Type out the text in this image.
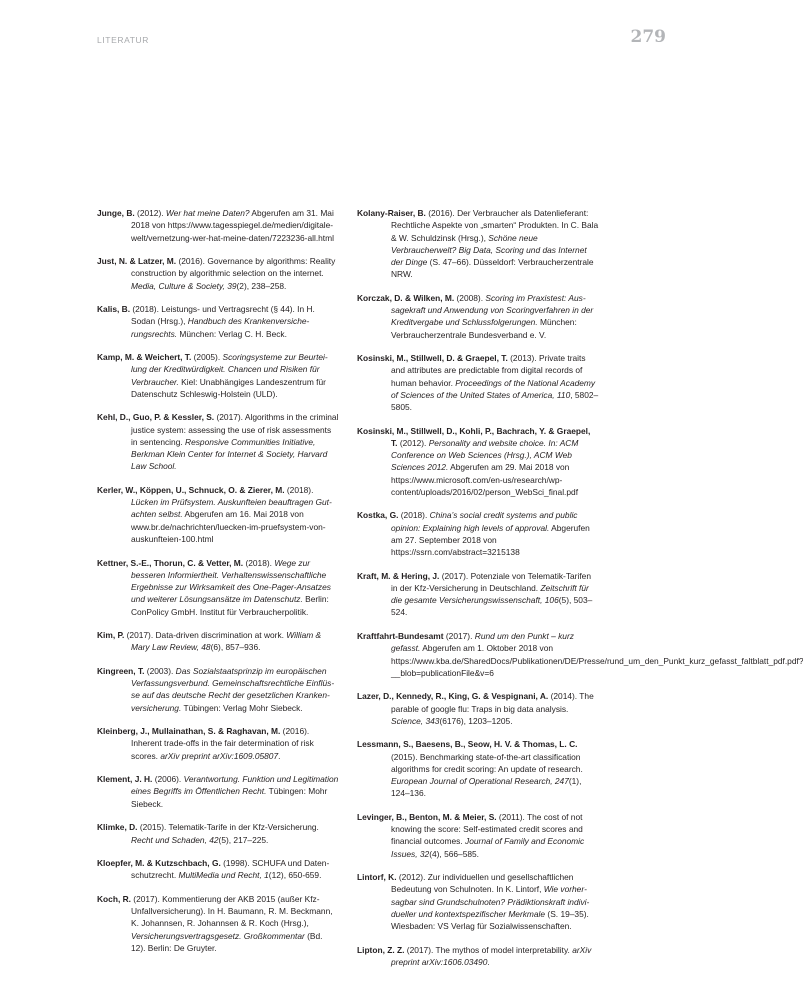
LITERATUR	279

Junge, B. (2012). Wer hat meine Daten? Abgerufen am 31. Mai 2018 von https://www.tagesspiegel.de/medien/digitale-welt/vernetzung-wer-hat-meine-daten/7223236-all.html

Just, N. & Latzer, M. (2016). Governance by algorithms: Reality construction by algorithmic selection on the internet. Media, Culture & Society, 39(2), 238–258.

Kalis, B. (2018). Leistungs- und Vertragsrecht (§ 44). In H. Sodan (Hrsg.), Handbuch des Krankenversicherungsrechts. München: Verlag C. H. Beck.

Kamp, M. & Weichert, T. (2005). Scoringsysteme zur Beurteilung der Kreditwürdigkeit. Chancen und Risiken für Verbraucher. Kiel: Unabhängiges Landeszentrum für Datenschutz Schleswig-Holstein (ULD).

Kehl, D., Guo, P. & Kessler, S. (2017). Algorithms in the criminal justice system: assessing the use of risk assessments in sentencing. Responsive Communities Initiative, Berkman Klein Center for Internet & Society, Harvard Law School.

Kerler, W., Köppen, U., Schnuck, O. & Zierer, M. (2018). Lücken im Prüfsystem. Auskunfteien beauftragen Gutachten selbst. Abgerufen am 16. Mai 2018 von www.br.de/nachrichten/luecken-im-pruefsystem-von-auskunfteien-100.html

Kettner, S.-E., Thorun, C. & Vetter, M. (2018). Wege zur besseren Informiertheit. Verhaltenswissenschaftliche Ergebnisse zur Wirksamkeit des One-Pager-Ansatzes und weiterer Lösungsansätze im Datenschutz. Berlin: ConPolicy GmbH. Institut für Verbraucherpolitik.

Kim, P. (2017). Data-driven discrimination at work. William & Mary Law Review, 48(6), 857–936.

Kingreen, T. (2003). Das Sozialstaatsprinzip im europäischen Verfassungsverbund. Gemeinschaftsrechtliche Einflüsse auf das deutsche Recht der gesetzlichen Krankenversicherung. Tübingen: Verlag Mohr Siebeck.

Kleinberg, J., Mullainathan, S. & Raghavan, M. (2016). Inherent trade-offs in the fair determination of risk scores. arXiv preprint arXiv:1609.05807.

Klement, J. H. (2006). Verantwortung. Funktion und Legitimation eines Begriffs im Öffentlichen Recht. Tübingen: Mohr Siebeck.

Klimke, D. (2015). Telematik-Tarife in der Kfz-Versicherung. Recht und Schaden, 42(5), 217–225.

Kloepfer, M. & Kutzschbach, G. (1998). SCHUFA und Datenschutzrecht. MultiMedia und Recht, 1(12), 650-659.

Koch, R. (2017). Kommentierung der AKB 2015 (außer Kfz-Unfallversicherung). In H. Baumann, R. M. Beckmann, K. Johannsen, R. Johannsen & R. Koch (Hrsg.), Versicherungsvertragsgesetz. Großkommentar (Bd. 12). Berlin: De Gruyter.

Kolany-Raiser, B. (2016). Der Verbraucher als Datenlieferant: Rechtliche Aspekte von „smarten“ Produkten. In C. Bala & W. Schuldzinsk (Hrsg.), Schöne neue Verbraucherwelt? Big Data, Scoring und das Internet der Dinge (S. 47–66). Düsseldorf: Verbraucherzentrale NRW.

Korczak, D. & Wilken, M. (2008). Scoring im Praxistest: Aussagekraft und Anwendung von Scoringverfahren in der Kreditvergabe und Schlussfolgerungen. München: Verbraucherzentrale Bundesverband e. V.

Kosinski, M., Stillwell, D. & Graepel, T. (2013). Private traits and attributes are predictable from digital records of human behavior. Proceedings of the National Academy of Sciences of the United States of America, 110, 5802–5805.

Kosinski, M., Stillwell, D., Kohli, P., Bachrach, Y. & Graepel, T. (2012). Personality and website choice. In: ACM Conference on Web Sciences (Hrsg.), ACM Web Sciences 2012. Abgerufen am 29. Mai 2018 von https://www.microsoft.com/en-us/research/wp-content/uploads/2016/02/person_WebSci_final.pdf

Kostka, G. (2018). China’s social credit systems and public opinion: Explaining high levels of approval. Abgerufen am 27. September 2018 von https://ssrn.com/abstract=3215138

Kraft, M. & Hering, J. (2017). Potenziale von Telematik-Tarifen in der Kfz-Versicherung in Deutschland. Zeitschrift für die gesamte Versicherungswissenschaft, 106(5), 503–524.

Kraftfahrt-Bundesamt (2017). Rund um den Punkt – kurz gefasst. Abgerufen am 1. Oktober 2018 von https://www.kba.de/SharedDocs/Publikationen/DE/Presse/rund_um_den_Punkt_kurz_gefasst_faltblatt_pdf.pdf?__blob=publicationFile&v=6

Lazer, D., Kennedy, R., King, G. & Vespignani, A. (2014). The parable of google flu: Traps in big data analysis. Science, 343(6176), 1203–1205.

Lessmann, S., Baesens, B., Seow, H. V. & Thomas, L. C. (2015). Benchmarking state-of-the-art classification algorithms for credit scoring: An update of research. European Journal of Operational Research, 247(1), 124–136.

Levinger, B., Benton, M. & Meier, S. (2011). The cost of not knowing the score: Self-estimated credit scores and financial outcomes. Journal of Family and Economic Issues, 32(4), 566–585.

Lintorf, K. (2012). Zur individuellen und gesellschaftlichen Bedeutung von Schulnoten. In K. Lintorf, Wie vorhersagbar sind Grundschulnoten? Prädiktionskraft individueller und kontextspezifischer Merkmale (S. 19–35). Wiesbaden: VS Verlag für Sozialwissenschaften.

Lipton, Z. Z. (2017). The mythos of model interpretability. arXiv preprint arXiv:1606.03490.
